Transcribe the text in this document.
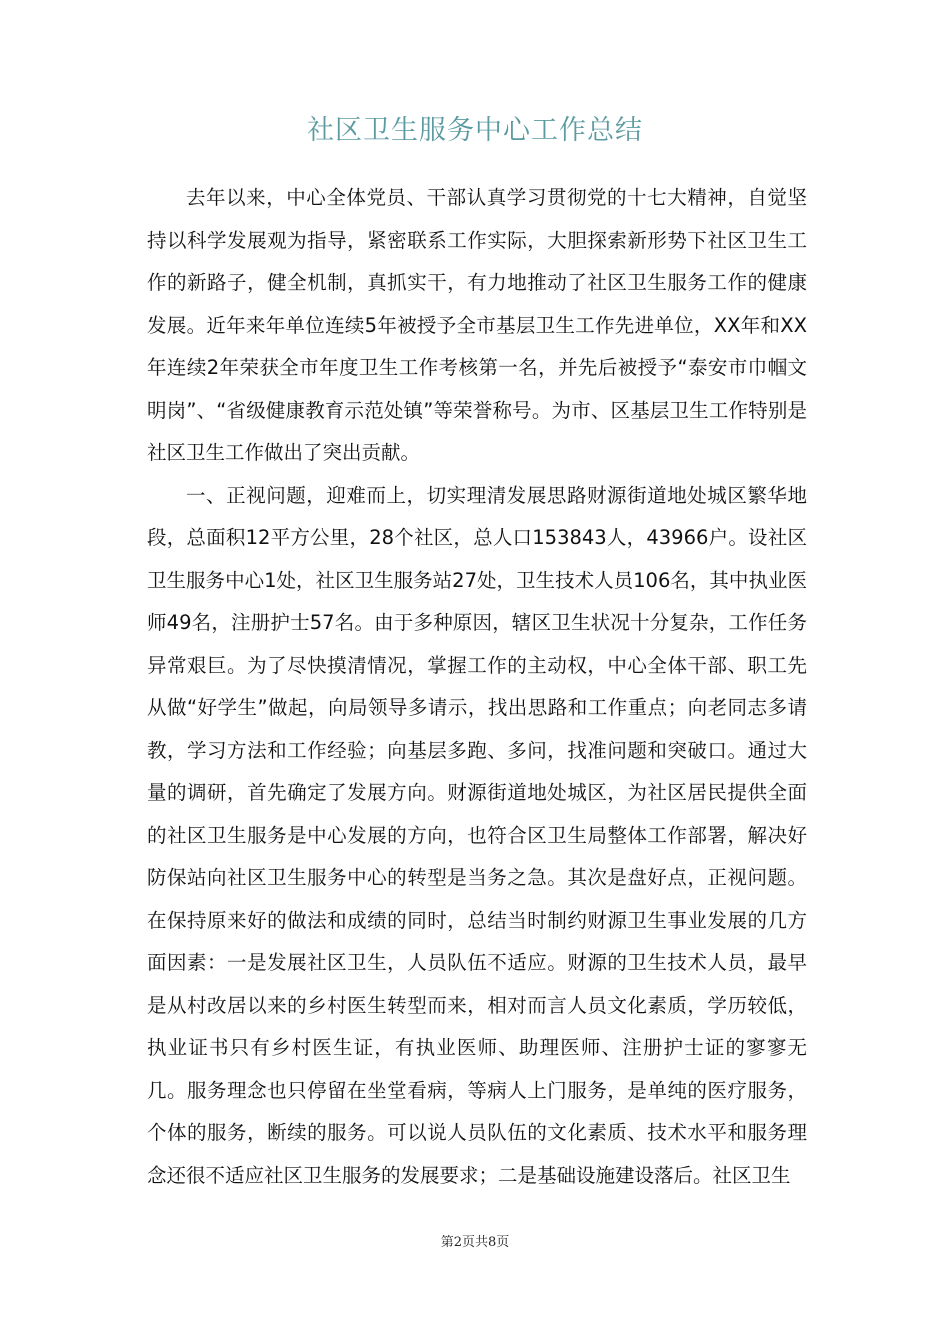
社区卫生服务中心工作总结

去年以来，中心全体党员、干部认真学习贯彻党的十七大精神，自觉坚持以科学发展观为指导，紧密联系工作实际，大胆探索新形势下社区卫生工作的新路子，健全机制，真抓实干，有力地推动了社区卫生服务工作的健康发展。近年来年单位连续5年被授予全市基层卫生工作先进单位，XX年和XX年连续2年荣获全市年度卫生工作考核第一名，并先后被授予“泰安市巾帼文明岗”、“省级健康教育示范处镇”等荣誉称号。为市、区基层卫生工作特别是社区卫生工作做出了突出贡献。

一、正视问题，迎难而上，切实理清发展思路财源街道地处城区繁华地段，总面积12平方公里，28个社区，总人口153843人，43966户。设社区卫生服务中心1处，社区卫生服务站27处，卫生技术人员106名，其中执业医师49名，注册护士57名。由于多种原因，辖区卫生状况十分复杂，工作任务异常艰巨。为了尽快摸清情况，掌握工作的主动权，中心全体干部、职工先从做“好学生”做起，向局领导多请示，找出思路和工作重点；向老同志多请教，学习方法和工作经验；向基层多跑、多问，找准问题和突破口。通过大量的调研，首先确定了发展方向。财源街道地处城区，为社区居民提供全面的社区卫生服务是中心发展的方向，也符合区卫生局整体工作部署，解决好防保站向社区卫生服务中心的转型是当务之急。其次是盘好点，正视问题。在保持原来好的做法和成绩的同时，总结当时制约财源卫生事业发展的几方面因素：一是发展社区卫生，人员队伍不适应。财源的卫生技术人员，最早是从村改居以来的乡村医生转型而来，相对而言人员文化素质，学历较低，执业证书只有乡村医生证，有执业医师、助理医师、注册护士证的寥寥无几。服务理念也只停留在坐堂看病，等病人上门服务，是单纯的医疗服务，个体的服务，断续的服务。可以说人员队伍的文化素质、技术水平和服务理念还很不适应社区卫生服务的发展要求；二是基础设施建设落后。社区卫生

第2页共8页
